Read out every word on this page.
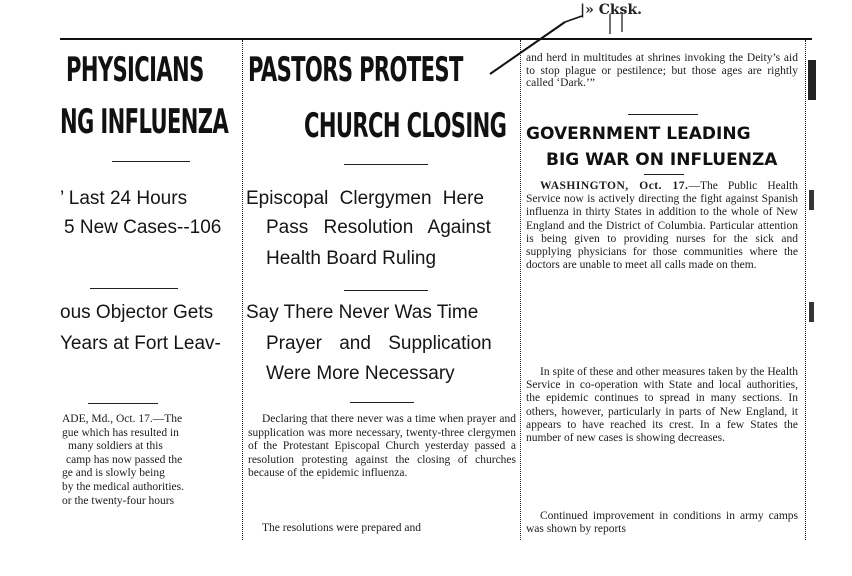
|» Cksk.
PHYSICIANS
NG INFLUENZA
’ Last 24 Hours
5 New Cases--106
ous Objector Gets
Years at Fort Leav-
ADE, Md., Oct. 17.—The
gue which has resulted in
many soldiers at this
camp has now passed the
ge and is slowly being
by the medical authorities.
or the twenty-four hours
PASTORS PROTEST
CHURCH CLOSING
Episcopal Clergymen Here
Pass Resolution Against
Health Board Ruling
Say There Never Was Time
Prayer and Supplication
Were More Necessary
Declaring that there never was a time when prayer and supplication was more necessary, twenty-three clergymen of the Protestant Episcopal Church yesterday passed a resolution protesting against the closing of churches because of the epidemic influenza.
The resolutions were prepared and
and herd in multitudes at shrines invoking the Deity’s aid to stop plague or pestilence; but those ages are rightly called ‘Dark.’”
GOVERNMENT LEADING
BIG WAR ON INFLUENZA
WASHINGTON, Oct. 17.—The Public Health Service now is actively directing the fight against Spanish influenza in thirty States in addition to the whole of New England and the District of Columbia. Particular attention is being given to providing nurses for the sick and supplying physicians for those communities where the doctors are unable to meet all calls made on them.
In spite of these and other measures taken by the Health Service in co-operation with State and local authorities, the epidemic continues to spread in many sections. In others, however, particularly in parts of New England, it appears to have reached its crest. In a few States the number of new cases is showing decreases.
Continued improvement in conditions in army camps was shown by reports
